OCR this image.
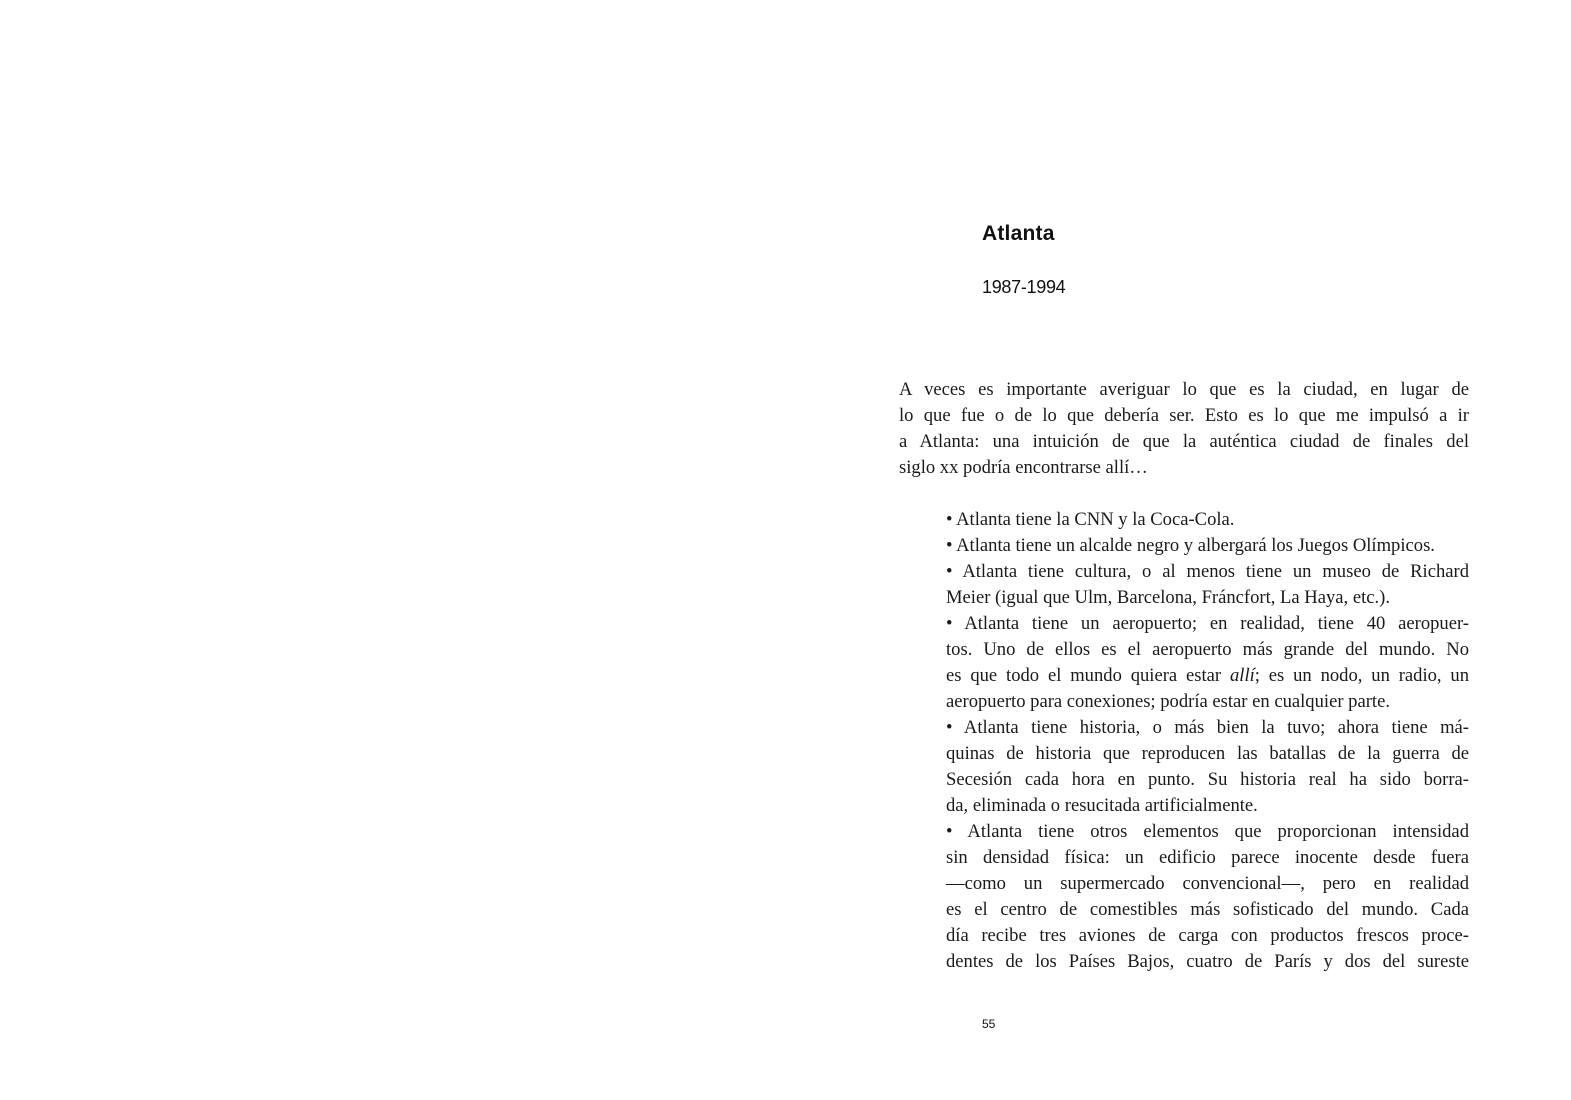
Atlanta

1987-1994

A veces es importante averiguar lo que es la ciudad, en lugar de
lo que fue o de lo que debería ser. Esto es lo que me impulsó a ir
a Atlanta: una intuición de que la auténtica ciudad de finales del
siglo xx podría encontrarse allí…

• Atlanta tiene la CNN y la Coca-Cola.
• Atlanta tiene un alcalde negro y albergará los Juegos Olímpicos.
• Atlanta tiene cultura, o al menos tiene un museo de Richard
Meier (igual que Ulm, Barcelona, Fráncfort, La Haya, etc.).
• Atlanta tiene un aeropuerto; en realidad, tiene 40 aeropuer-
tos. Uno de ellos es el aeropuerto más grande del mundo. No
es que todo el mundo quiera estar allí; es un nodo, un radio, un
aeropuerto para conexiones; podría estar en cualquier parte.
• Atlanta tiene historia, o más bien la tuvo; ahora tiene má-
quinas de historia que reproducen las batallas de la guerra de
Secesión cada hora en punto. Su historia real ha sido borra-
da, eliminada o resucitada artificialmente.
• Atlanta tiene otros elementos que proporcionan intensidad
sin densidad física: un edificio parece inocente desde fuera
—como un supermercado convencional—, pero en realidad
es el centro de comestibles más sofisticado del mundo. Cada
día recibe tres aviones de carga con productos frescos proce-
dentes de los Países Bajos, cuatro de París y dos del sureste
55
